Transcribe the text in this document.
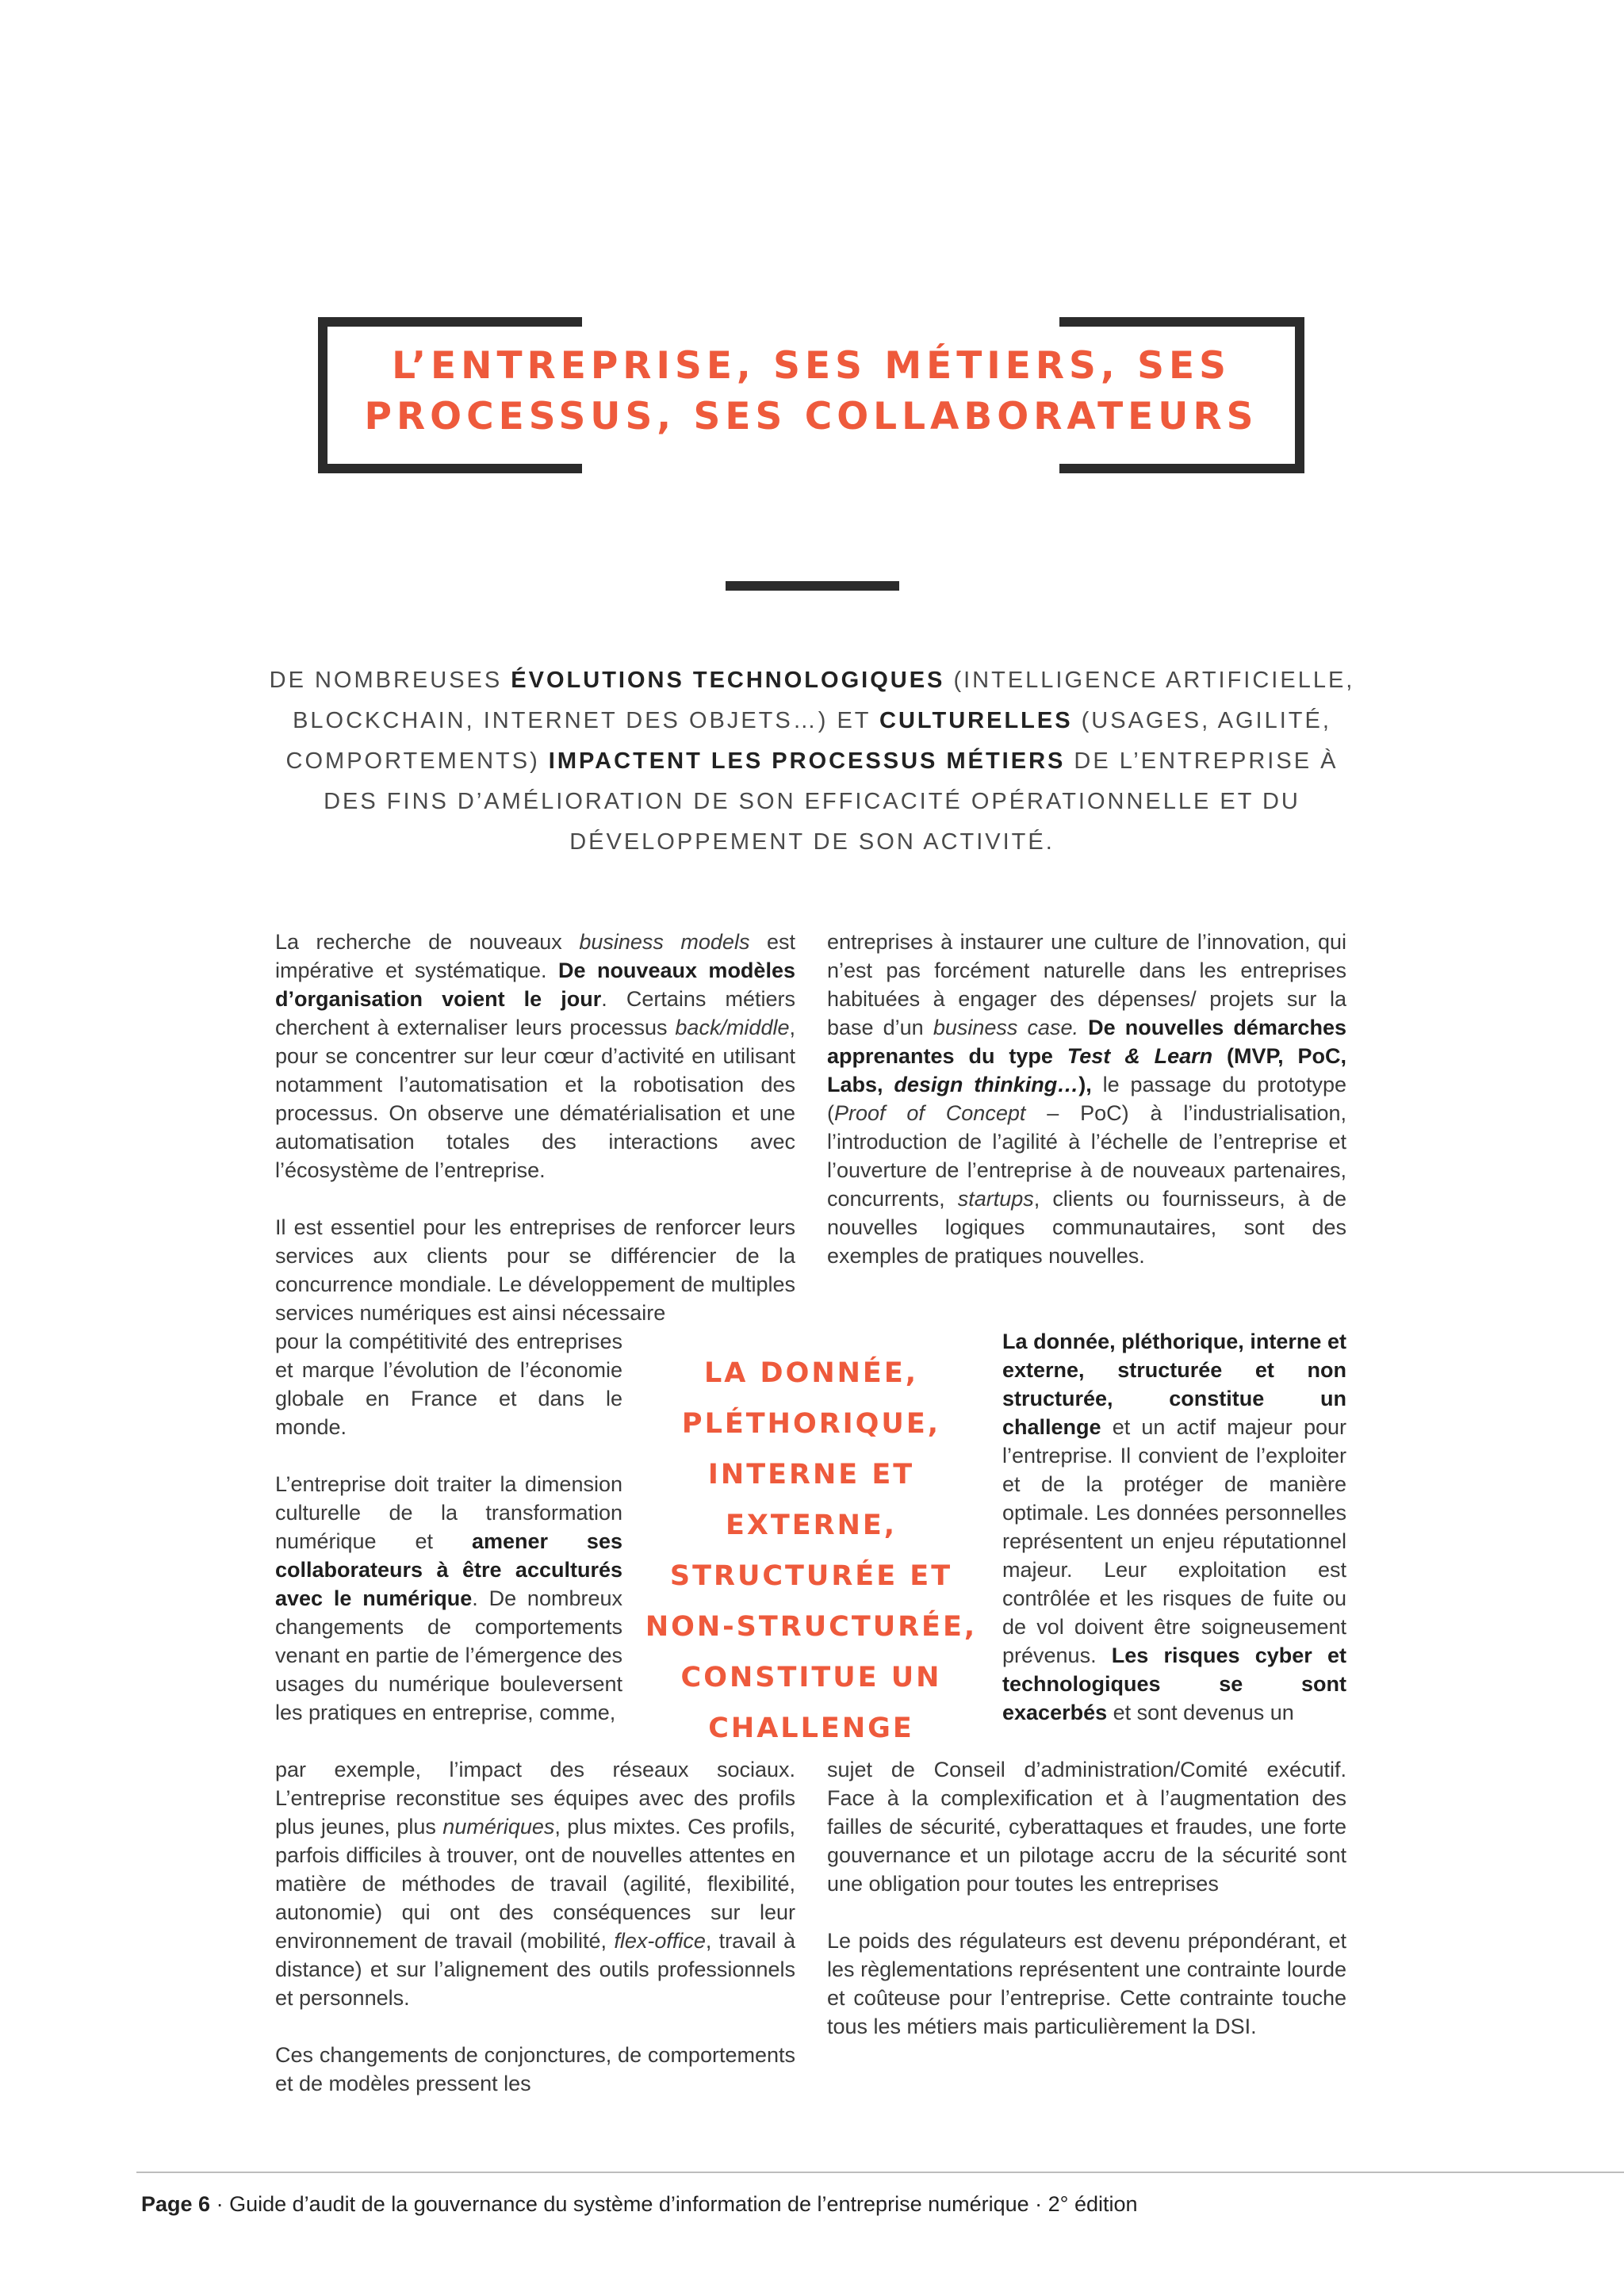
L’ENTREPRISE, SES MÉTIERS, SES
PROCESSUS, SES COLLABORATEURS

DE NOMBREUSES ÉVOLUTIONS TECHNOLOGIQUES (INTELLIGENCE ARTIFICIELLE, BLOCKCHAIN, INTERNET DES OBJETS…) ET CULTURELLES (USAGES, AGILITÉ, COMPORTEMENTS) IMPACTENT LES PROCESSUS MÉTIERS DE L’ENTREPRISE À DES FINS D’AMÉLIORATION DE SON EFFICACITÉ OPÉRATIONNELLE ET DU DÉVELOPPEMENT DE SON ACTIVITÉ.

La recherche de nouveaux business models est impérative et systématique. De nouveaux modèles d’organisation voient le jour. Certains métiers cherchent à externaliser leurs processus back/middle, pour se concentrer sur leur cœur d’activité en utilisant notamment l’automatisation et la robotisation des processus. On observe une dématérialisation et une automatisation totales des interactions avec l’écosystème de l’entreprise.

Il est essentiel pour les entreprises de renforcer leurs services aux clients pour se différencier de la concurrence mondiale. Le développement de multiples services numériques est ainsi nécessaire

pour la compétitivité des entreprises et marque l’évolution de l’économie globale en France et dans le monde.

L’entreprise doit traiter la dimension culturelle de la transformation numérique et amener ses collaborateurs à être acculturés avec le numérique. De nombreux changements de comportements venant en partie de l’émergence des usages du numérique bouleversent les pratiques en entreprise, comme,

par exemple, l’impact des réseaux sociaux. L’entreprise reconstitue ses équipes avec des profils plus jeunes, plus numériques, plus mixtes. Ces profils, parfois difficiles à trouver, ont de nouvelles attentes en matière de méthodes de travail (agilité, flexibilité, autonomie) qui ont des conséquences sur leur environnement de travail (mobilité, flex-office, travail à distance) et sur l’alignement des outils professionnels et personnels.

Ces changements de conjonctures, de comportements et de modèles pressent les

entreprises à instaurer une culture de l’innovation, qui n’est pas forcément naturelle dans les entreprises habituées à engager des dépenses/ projets sur la base d’un business case. De nouvelles démarches apprenantes du type Test & Learn (MVP, PoC, Labs, design thinking…), le passage du prototype (Proof of Concept – PoC) à l’industrialisation, l’introduction de l’agilité à l’échelle de l’entreprise et l’ouverture de l’entreprise à de nouveaux partenaires, concurrents, startups, clients ou fournisseurs, à de nouvelles logiques communautaires, sont des exemples de pratiques nouvelles.

La donnée, pléthorique, interne et externe, structurée et non structurée, constitue un challenge et un actif majeur pour l’entreprise. Il convient de l’exploiter et de la protéger de manière optimale. Les données personnelles représentent un enjeu réputationnel majeur. Leur exploitation est contrôlée et les risques de fuite ou de vol doivent être soigneusement prévenus. Les risques cyber et technologiques se sont exacerbés et sont devenus un

sujet de Conseil d’administration/Comité exécutif. Face à la complexification et à l’augmentation des failles de sécurité, cyberattaques et fraudes, une forte gouvernance et un pilotage accru de la sécurité sont une obligation pour toutes les entreprises

Le poids des régulateurs est devenu prépondérant, et les règlementations représentent une contrainte lourde et coûteuse pour l’entreprise. Cette contrainte touche tous les métiers mais particulièrement la DSI.

LA DONNÉE, PLÉTHORIQUE, INTERNE ET EXTERNE, STRUCTURÉE ET NON-STRUCTURÉE, CONSTITUE UN CHALLENGE

Page 6 · Guide d’audit de la gouvernance du système d’information de l’entreprise numérique · 2° édition
